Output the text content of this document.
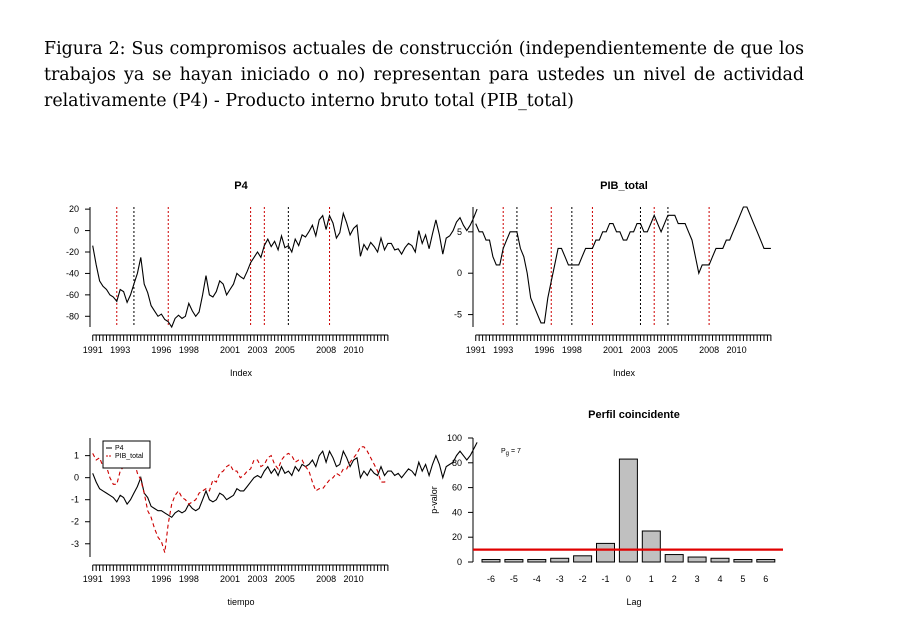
Figura 2: Sus compromisos actuales de construcción (independientemente de que los trabajos ya se hayan iniciado o no) representan para ustedes un nivel de actividad relativamente (P4) - Producto interno bruto total (PIB_total)

P4
20
0
-20
-40
-60
-80
1991 1993 1996 1998 2001 2003 2005 2008 2010
Index
PIB_total
5
0
-5
1991 1993 1996 1998 2001 2003 2005 2008 2010
Index
1
0
-1
-2
-3
1991 1993 1996 1998 2001 2003 2005 2008 2010
tiempo
P4
PIB_total
Perfil coincidente
0
20
40
60
80
100
p-valor
-6 -5 -4 -3 -2 -1 0 1 2 3 4 5 6
Lag
Pg = 7
